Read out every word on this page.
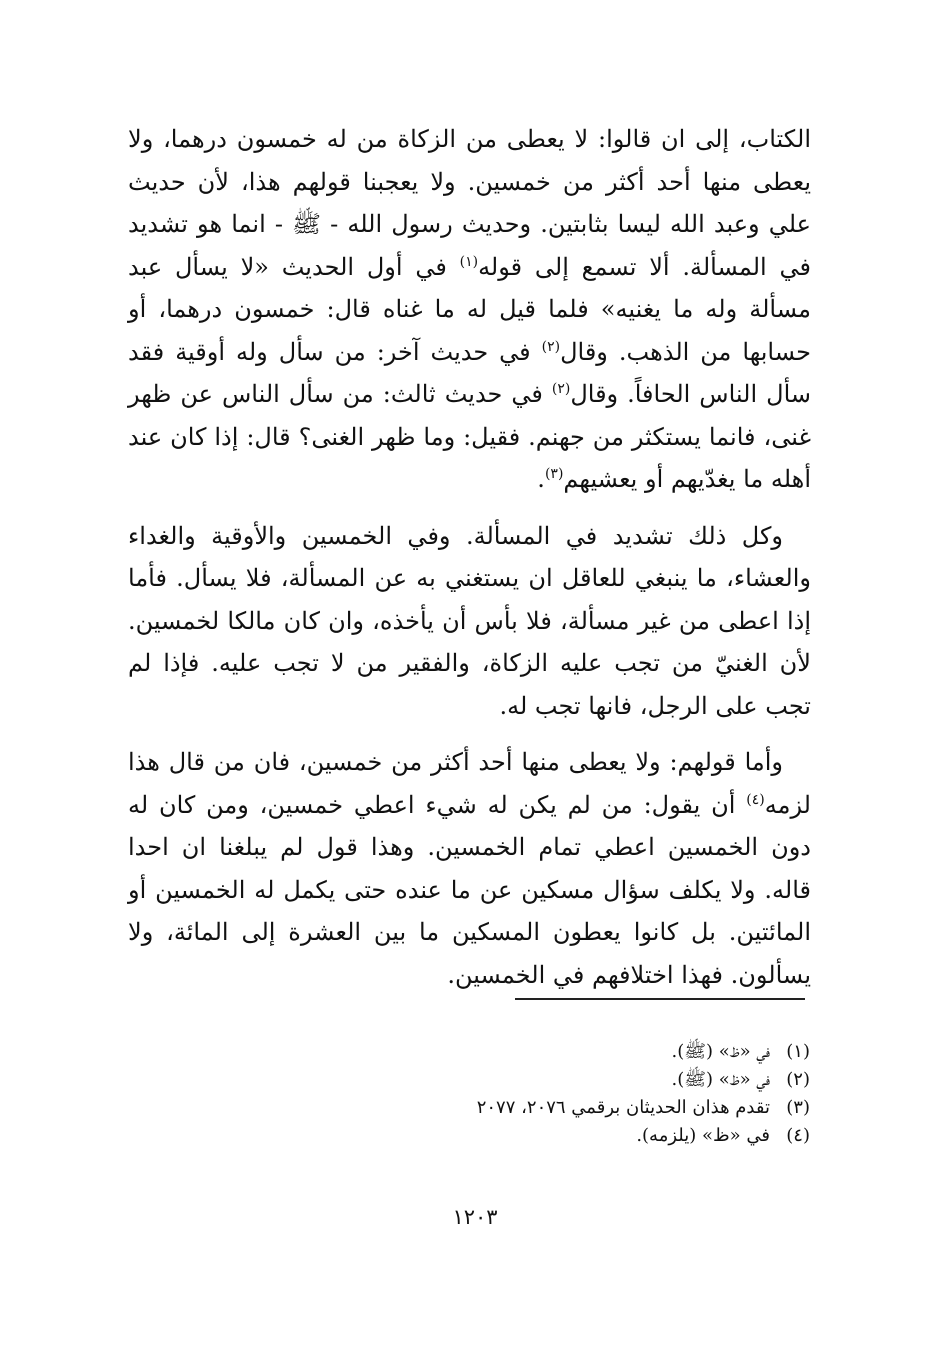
الكتاب، إلى ان قالوا: لا يعطى من الزكاة من له خمسون درهما، ولا يعطى منها أحد أكثر من خمسين. ولا يعجبنا قولهم هذا، لأن حديث علي وعبد الله ليسا بثابتين. وحديث رسول الله - ﷺ - انما هو تشديد في المسألة. ألا تسمع إلى قوله$^{(١)}$ في أول الحديث «لا يسأل عبد مسألة وله ما يغنيه» فلما قيل له ما غناه قال: خمسون درهما، أو حسابها من الذهب. وقال$^{(٢)}$ في حديث آخر: من سأل وله أوقية فقد سأل الناس الحافاً. وقال$^{(٢)}$ في حديث ثالث: من سأل الناس عن ظهر غنى، فانما يستكثر من جهنم. فقيل: وما ظهر الغنى؟ قال: إذا كان عند أهله ما يغدّيهم أو يعشيهم$^{(٣)}$.

وكل ذلك تشديد في المسألة. وفي الخمسين والأوقية والغداء والعشاء، ما ينبغي للعاقل ان يستغني به عن المسألة، فلا يسأل. فأما إذا اعطى من غير مسألة، فلا بأس أن يأخذه، وان كان مالكا لخمسين. لأن الغنيّ من تجب عليه الزكاة، والفقير من لا تجب عليه. فإذا لم تجب على الرجل، فانها تجب له.

وأما قولهم: ولا يعطى منها أحد أكثر من خمسين، فان من قال هذا لزمه$^{(٤)}$ أن يقول: من لم يكن له شيء اعطي خمسين، ومن كان له دون الخمسين اعطي تمام الخمسين. وهذا قول لم يبلغنا ان احدا قاله. ولا يكلف سؤال مسكين عن ما عنده حتى يكمل له الخمسين أو المائتين. بل كانوا يعطون المسكين ما بين العشرة إلى المائة، ولا يسألون. فهذا اختلافهم في الخمسين.

(١)
في «ظ» (ﷺ).
(٢)
في «ظ» (ﷺ).
(٣)
تقدم هذان الحديثان برقمي ٢٠٧٦، ٢٠٧٧
(٤)
في «ظ» (يلزمه).
١٢٠٣
